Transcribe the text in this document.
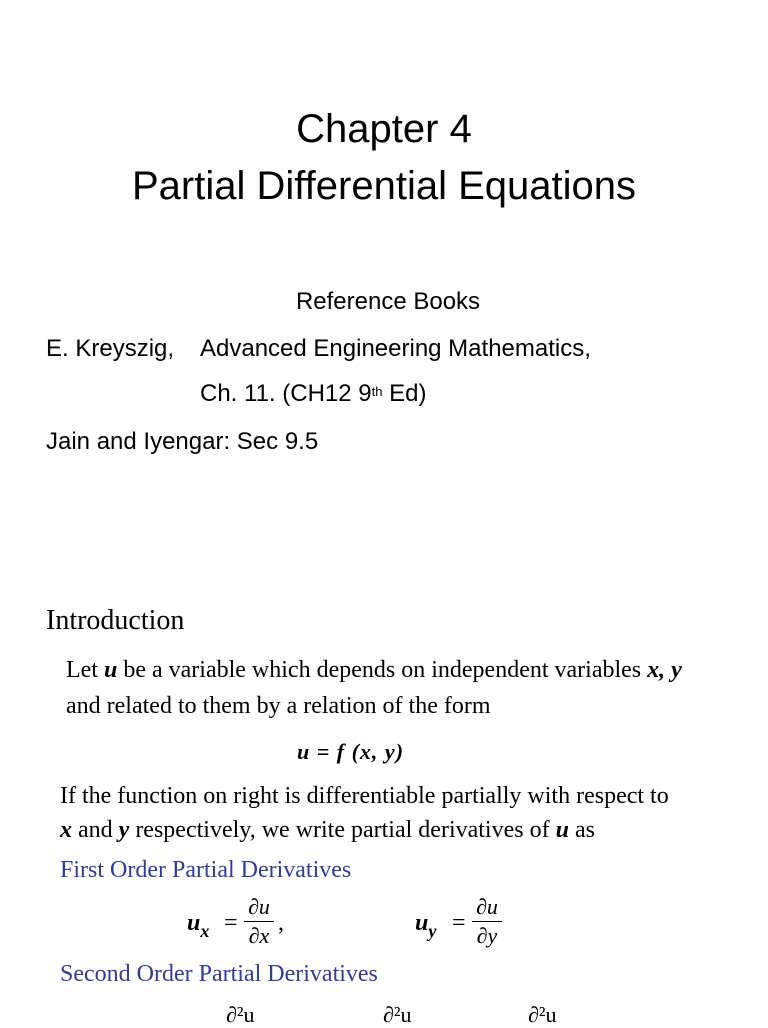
Chapter 4
Partial Differential Equations
Reference Books
E. Kreyszig, Advanced Engineering Mathematics,
Ch. 11. (CH12 9th Ed)
Jain and Iyengar: Sec 9.5
Introduction
Let u be a variable which depends on independent variables x, y
and related to them by a relation of the form
u = f (x, y)
If the function on right is differentiable partially with respect to
x and y respectively, we write partial derivatives of u as
First Order Partial Derivatives
$u_x$ =
∂u
∂x ,	$u_y$ =
∂u
∂y
Second Order Partial Derivatives
∂²u	∂²u	∂²u
